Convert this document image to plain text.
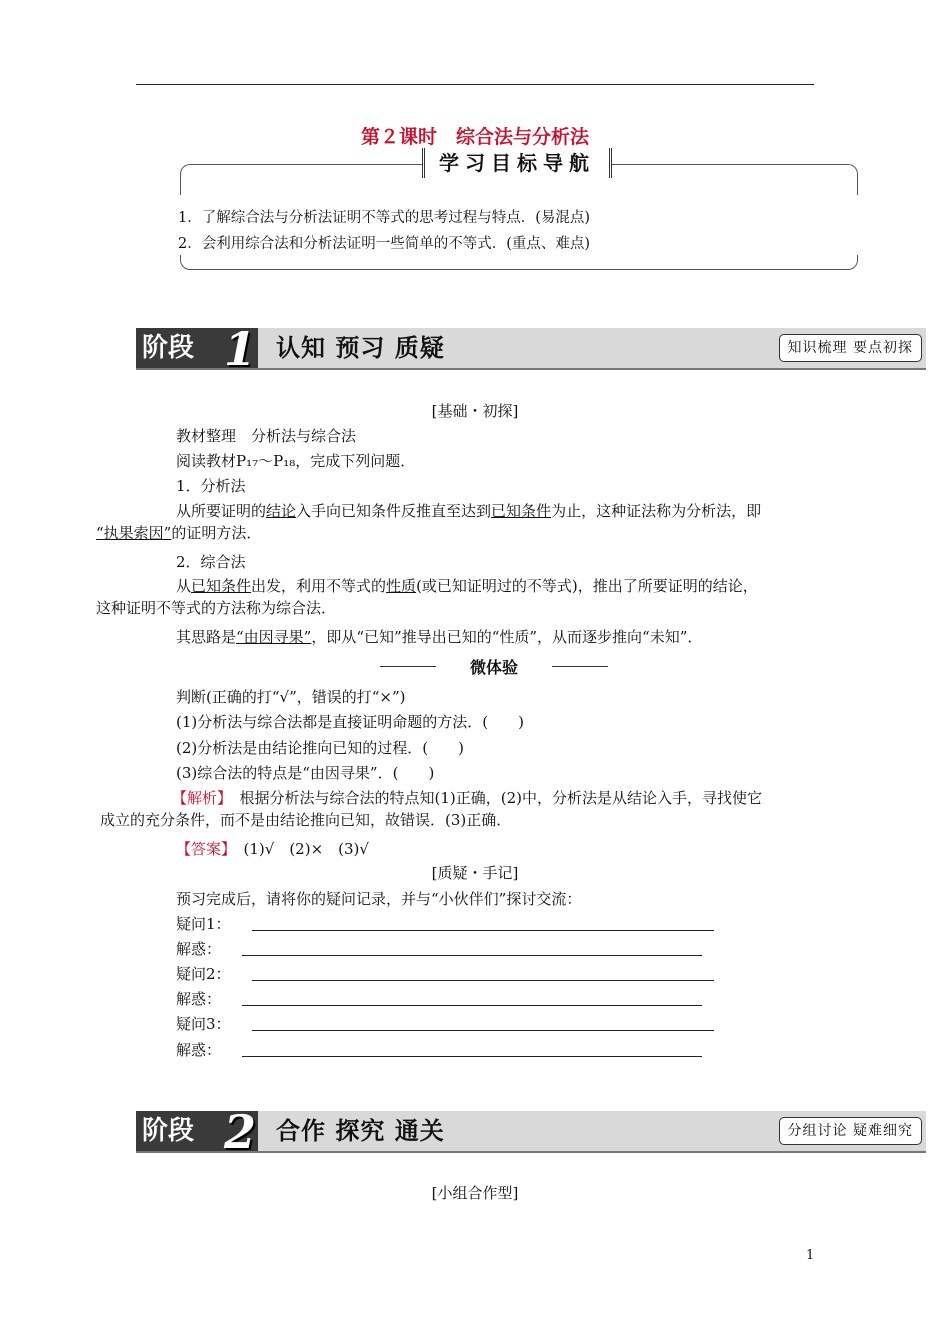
第２课时　综合法与分析法
学习目标导航
1．了解综合法与分析法证明不等式的思考过程与特点．(易混点)
2．会利用综合法和分析法证明一些简单的不等式．(重点、难点)
阶段 1 认知 预习 质疑	知识梳理 要点初探
[基础・初探]
教材整理　分析法与综合法
阅读教材P₁₇～P₁₈，完成下列问题．
1．分析法
从所要证明的结论入手向已知条件反推直至达到已知条件为止，这种证法称为分析法，即
“执果索因”的证明方法．
2．综合法
从已知条件出发，利用不等式的性质(或已知证明过的不等式)，推出了所要证明的结论，
这种证明不等式的方法称为综合法．
其思路是“由因寻果”，即从“已知”推导出已知的“性质”，从而逐步推向“未知”．
微体验
判断(正确的打“√”，错误的打“×”)
(1)分析法与综合法都是直接证明命题的方法．(　　)
(2)分析法是由结论推向已知的过程．(　　)
(3)综合法的特点是“由因寻果”．(　　)
【解析】　根据分析法与综合法的特点知(1)正确，(2)中，分析法是从结论入手，寻找使它
成立的充分条件，而不是由结论推向已知，故错误．(3)正确．
【答案】　(1)√　(2)×　(3)√
[质疑・手记]
预习完成后，请将你的疑问记录，并与“小伙伴们”探讨交流：
疑问1：
解惑：
疑问2：
解惑：
疑问3：
解惑：
阶段 2 合作 探究 通关	分组讨论 疑难细究
[小组合作型]
1
